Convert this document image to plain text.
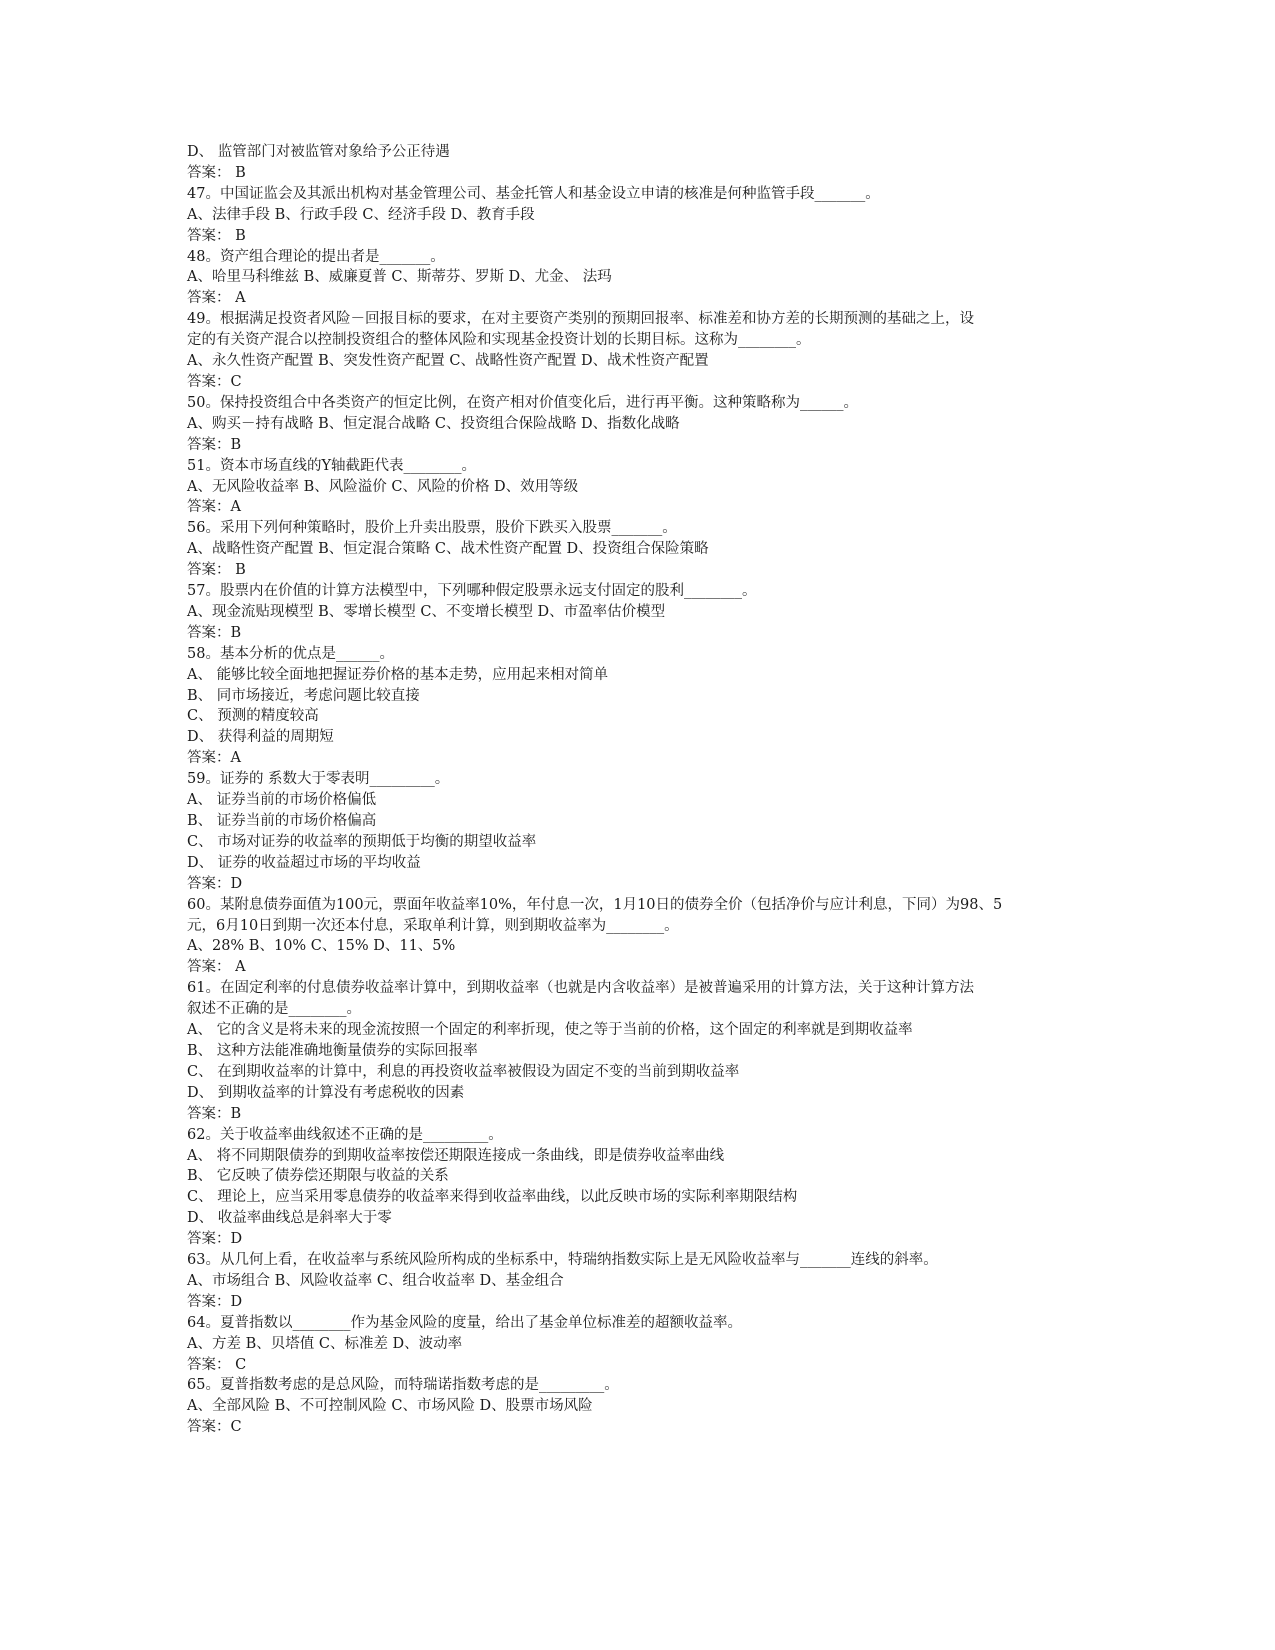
D、 监管部门对被监管对象给予公正待遇
答案： B
47。中国证监会及其派出机构对基金管理公司、基金托管人和基金设立申请的核准是何种监管手段_______。
A、法律手段 B、行政手段 C、经济手段 D、教育手段
答案： B
48。资产组合理论的提出者是_______。
A、哈里马科维兹 B、威廉夏普 C、斯蒂芬、罗斯 D、尤金、 法玛
答案： A
49。根据满足投资者风险－回报目标的要求，在对主要资产类别的预期回报率、标准差和协方差的长期预测的基础之上，设
定的有关资产混合以控制投资组合的整体风险和实现基金投资计划的长期目标。这称为________。
A、永久性资产配置 B、突发性资产配置 C、战略性资产配置 D、战术性资产配置
答案：C
50。保持投资组合中各类资产的恒定比例，在资产相对价值变化后，进行再平衡。这种策略称为______。
A、购买－持有战略 B、恒定混合战略 C、投资组合保险战略 D、指数化战略
答案：B
51。资本市场直线的Y轴截距代表________。
A、无风险收益率 B、风险溢价 C、风险的价格 D、效用等级
答案：A
56。采用下列何种策略时，股价上升卖出股票，股价下跌买入股票_______。
A、战略性资产配置 B、恒定混合策略 C、战术性资产配置 D、投资组合保险策略
答案： B
57。股票内在价值的计算方法模型中，下列哪种假定股票永远支付固定的股利________。
A、现金流贴现模型 B、零增长模型 C、不变增长模型 D、市盈率估价模型
答案：B
58。基本分析的优点是______。
A、 能够比较全面地把握证券价格的基本走势，应用起来相对简单
B、 同市场接近，考虑问题比较直接
C、 预测的精度较高
D、 获得利益的周期短
答案：A
59。证券的 系数大于零表明_________。
A、 证券当前的市场价格偏低
B、 证券当前的市场价格偏高
C、 市场对证券的收益率的预期低于均衡的期望收益率
D、 证券的收益超过市场的平均收益
答案：D
60。某附息债券面值为100元，票面年收益率10%，年付息一次，1月10日的债券全价（包括净价与应计利息，下同）为98、5
元，6月10日到期一次还本付息，采取单利计算，则到期收益率为________。
A、28% B、10% C、15% D、11、5%
答案： A
61。在固定利率的付息债券收益率计算中，到期收益率（也就是内含收益率）是被普遍采用的计算方法，关于这种计算方法
叙述不正确的是________。
A、 它的含义是将未来的现金流按照一个固定的利率折现，使之等于当前的价格，这个固定的利率就是到期收益率
B、 这种方法能准确地衡量债券的实际回报率
C、 在到期收益率的计算中，利息的再投资收益率被假设为固定不变的当前到期收益率
D、 到期收益率的计算没有考虑税收的因素
答案：B
62。关于收益率曲线叙述不正确的是_________。
A、 将不同期限债券的到期收益率按偿还期限连接成一条曲线，即是债券收益率曲线
B、 它反映了债券偿还期限与收益的关系
C、 理论上，应当采用零息债券的收益率来得到收益率曲线，以此反映市场的实际利率期限结构
D、 收益率曲线总是斜率大于零
答案：D
63。从几何上看，在收益率与系统风险所构成的坐标系中，特瑞纳指数实际上是无风险收益率与_______连线的斜率。
A、市场组合 B、风险收益率 C、组合收益率 D、基金组合
答案：D
64。夏普指数以________作为基金风险的度量，给出了基金单位标准差的超额收益率。
A、方差 B、贝塔值 C、标准差 D、波动率
答案： C
65。夏普指数考虑的是总风险，而特瑞诺指数考虑的是_________。
A、全部风险 B、不可控制风险 C、市场风险 D、股票市场风险
答案：C
